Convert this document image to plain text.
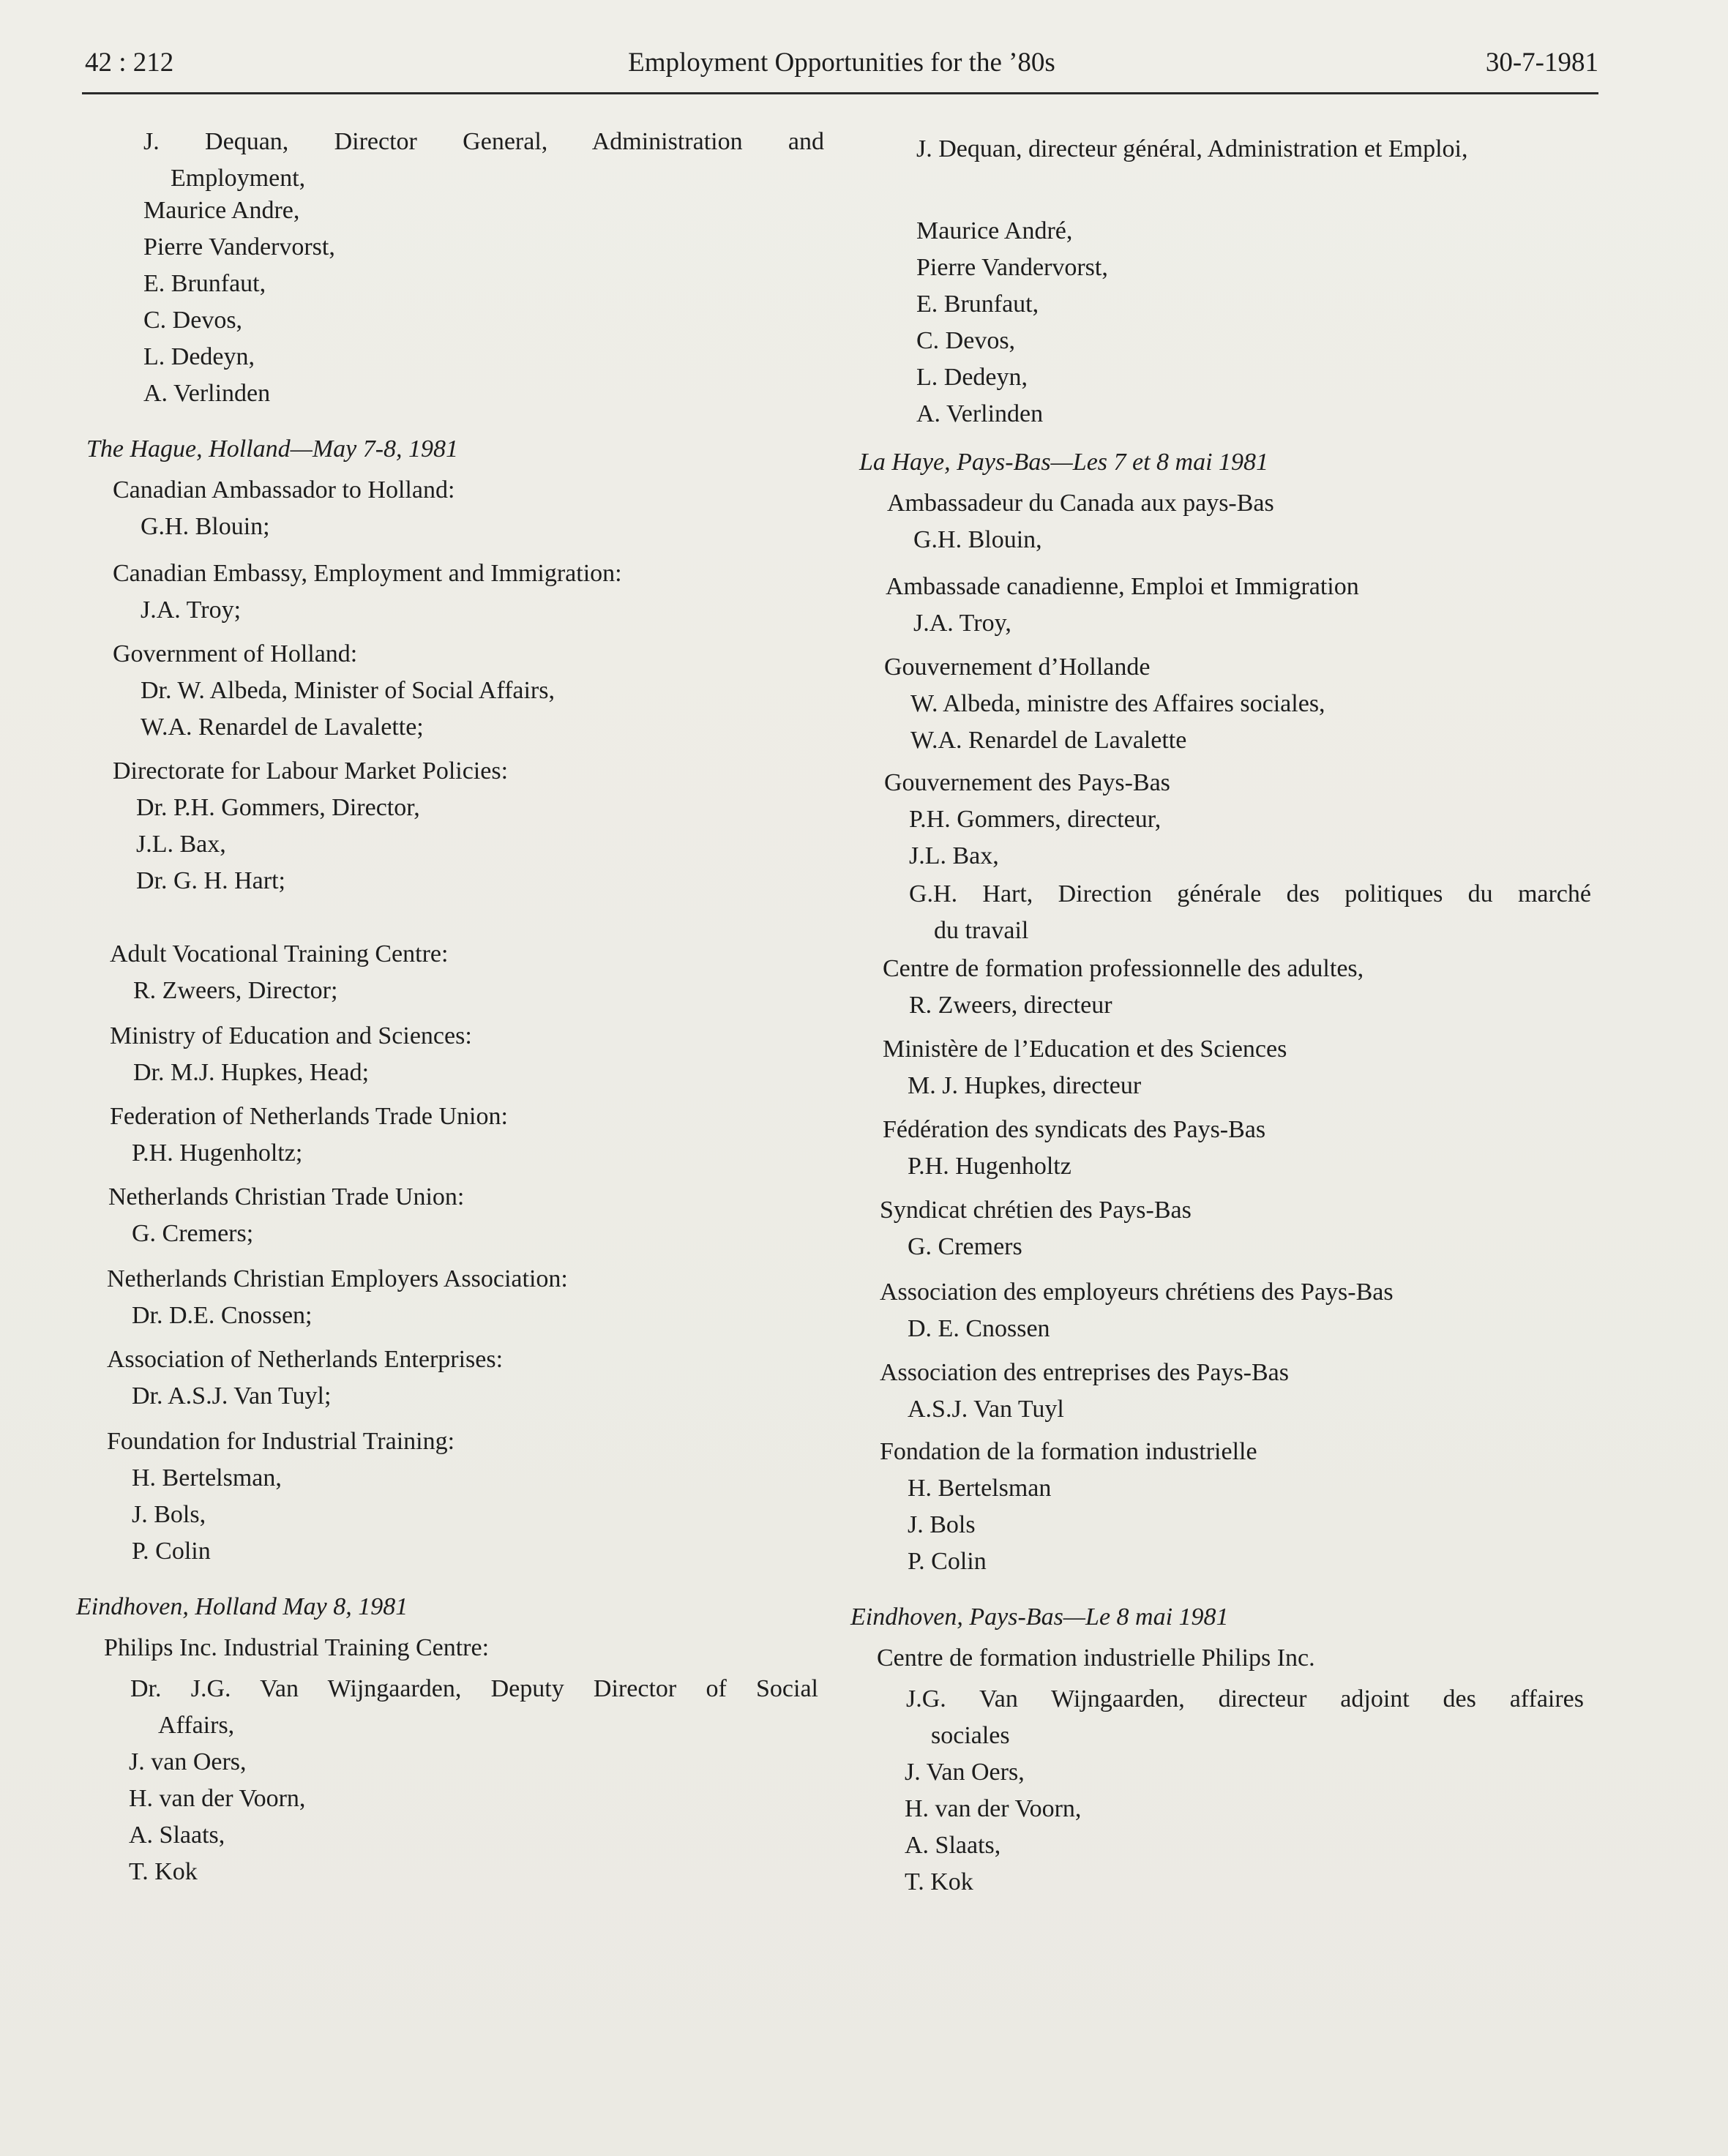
42 : 212	Employment Opportunities for the ’80s	30-7-1981
J. Dequan, Director General, Administration and
Employment,
Maurice Andre,
Pierre Vandervorst,
E. Brunfaut,
C. Devos,
L. Dedeyn,
A. Verlinden
The Hague, Holland—May 7-8, 1981
Canadian Ambassador to Holland:
G.H. Blouin;
Canadian Embassy, Employment and Immigration:
J.A. Troy;
Government of Holland:
Dr. W. Albeda, Minister of Social Affairs,
W.A. Renardel de Lavalette;
Directorate for Labour Market Policies:
Dr. P.H. Gommers, Director,
J.L. Bax,
Dr. G. H. Hart;
Adult Vocational Training Centre:
R. Zweers, Director;
Ministry of Education and Sciences:
Dr. M.J. Hupkes, Head;
Federation of Netherlands Trade Union:
P.H. Hugenholtz;
Netherlands Christian Trade Union:
G. Cremers;
Netherlands Christian Employers Association:
Dr. D.E. Cnossen;
Association of Netherlands Enterprises:
Dr. A.S.J. Van Tuyl;
Foundation for Industrial Training:
H. Bertelsman,
J. Bols,
P. Colin
Eindhoven, Holland May 8, 1981
Philips Inc. Industrial Training Centre:
Dr. J.G. Van Wijngaarden, Deputy Director of Social
Affairs,
J. van Oers,
H. van der Voorn,
A. Slaats,
T. Kok
J. Dequan, directeur général, Administration et Emploi,
Maurice André,
Pierre Vandervorst,
E. Brunfaut,
C. Devos,
L. Dedeyn,
A. Verlinden
La Haye, Pays-Bas—Les 7 et 8 mai 1981
Ambassadeur du Canada aux pays-Bas
G.H. Blouin,
Ambassade canadienne, Emploi et Immigration
J.A. Troy,
Gouvernement d’Hollande
W. Albeda, ministre des Affaires sociales,
W.A. Renardel de Lavalette
Gouvernement des Pays-Bas
P.H. Gommers, directeur,
J.L. Bax,
G.H. Hart, Direction générale des politiques du marché
du travail
Centre de formation professionnelle des adultes,
R. Zweers, directeur
Ministère de l’Education et des Sciences
M. J. Hupkes, directeur
Fédération des syndicats des Pays-Bas
P.H. Hugenholtz
Syndicat chrétien des Pays-Bas
G. Cremers
Association des employeurs chrétiens des Pays-Bas
D. E. Cnossen
Association des entreprises des Pays-Bas
A.S.J. Van Tuyl
Fondation de la formation industrielle
H. Bertelsman
J. Bols
P. Colin
Eindhoven, Pays-Bas—Le 8 mai 1981
Centre de formation industrielle Philips Inc.
J.G. Van Wijngaarden, directeur adjoint des affaires
sociales
J. Van Oers,
H. van der Voorn,
A. Slaats,
T. Kok
